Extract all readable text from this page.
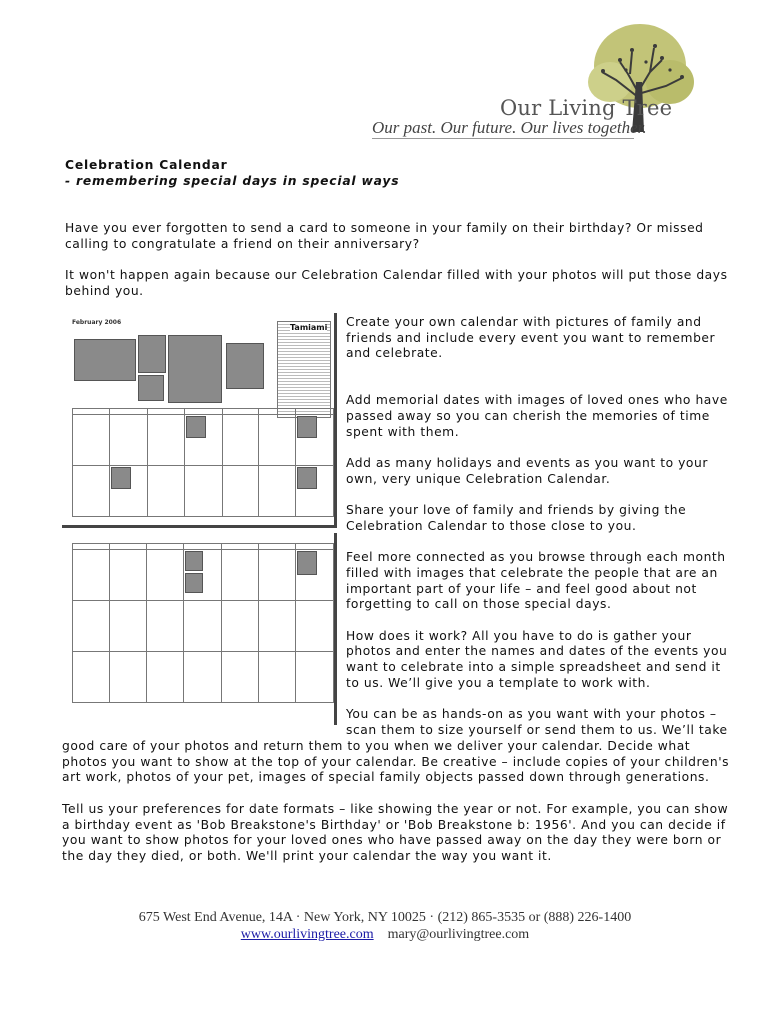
Our Living Tree
Our past. Our future. Our lives together.
Celebration Calendar
- remembering special days in special ways
Have you ever forgotten to send a card to someone in your family on their birthday? Or missed calling to congratulate a friend on their anniversary?
It won't happen again because our Celebration Calendar filled with your photos will put those days behind you.
February 2006
Tamiami

						Create your own calendar with pictures of family and friends and include every event you want to remember and celebrate.

Add memorial dates with images of loved ones who have passed away so you can cherish the memories of time spent with them.

Add as many holidays and events as you want to your own, very unique Celebration Calendar.

Share your love of family and friends by giving the Celebration Calendar to those close to you.

Feel more connected as you browse through each month filled with images that celebrate the people that are an important part of your life – and feel good about not forgetting to call on those special days.

How does it work? All you have to do is gather your photos and enter the names and dates of the events you want to celebrate into a simple spreadsheet and send it to us. We’ll give you a template to work with.

You can be as hands-on as you want with your photos – scan them to size yourself or send them to us. We’ll take

good care of your photos and return them to you when we deliver your calendar. Decide what photos you want to show at the top of your calendar. Be creative – include copies of your children's art work, photos of your pet, images of special family objects passed down through generations.
Tell us your preferences for date formats – like showing the year or not. For example, you can show a birthday event as 'Bob Breakstone's Birthday' or 'Bob Breakstone b: 1956'. And you can decide if you want to show photos for your loved ones who have passed away on the day they were born or the day they died, or both. We'll print your calendar the way you want it.
675 West End Avenue, 14A · New York, NY 10025 · (212) 865-3535 or (888) 226-1400
www.ourlivingtree.com mary@ourlivingtree.com
